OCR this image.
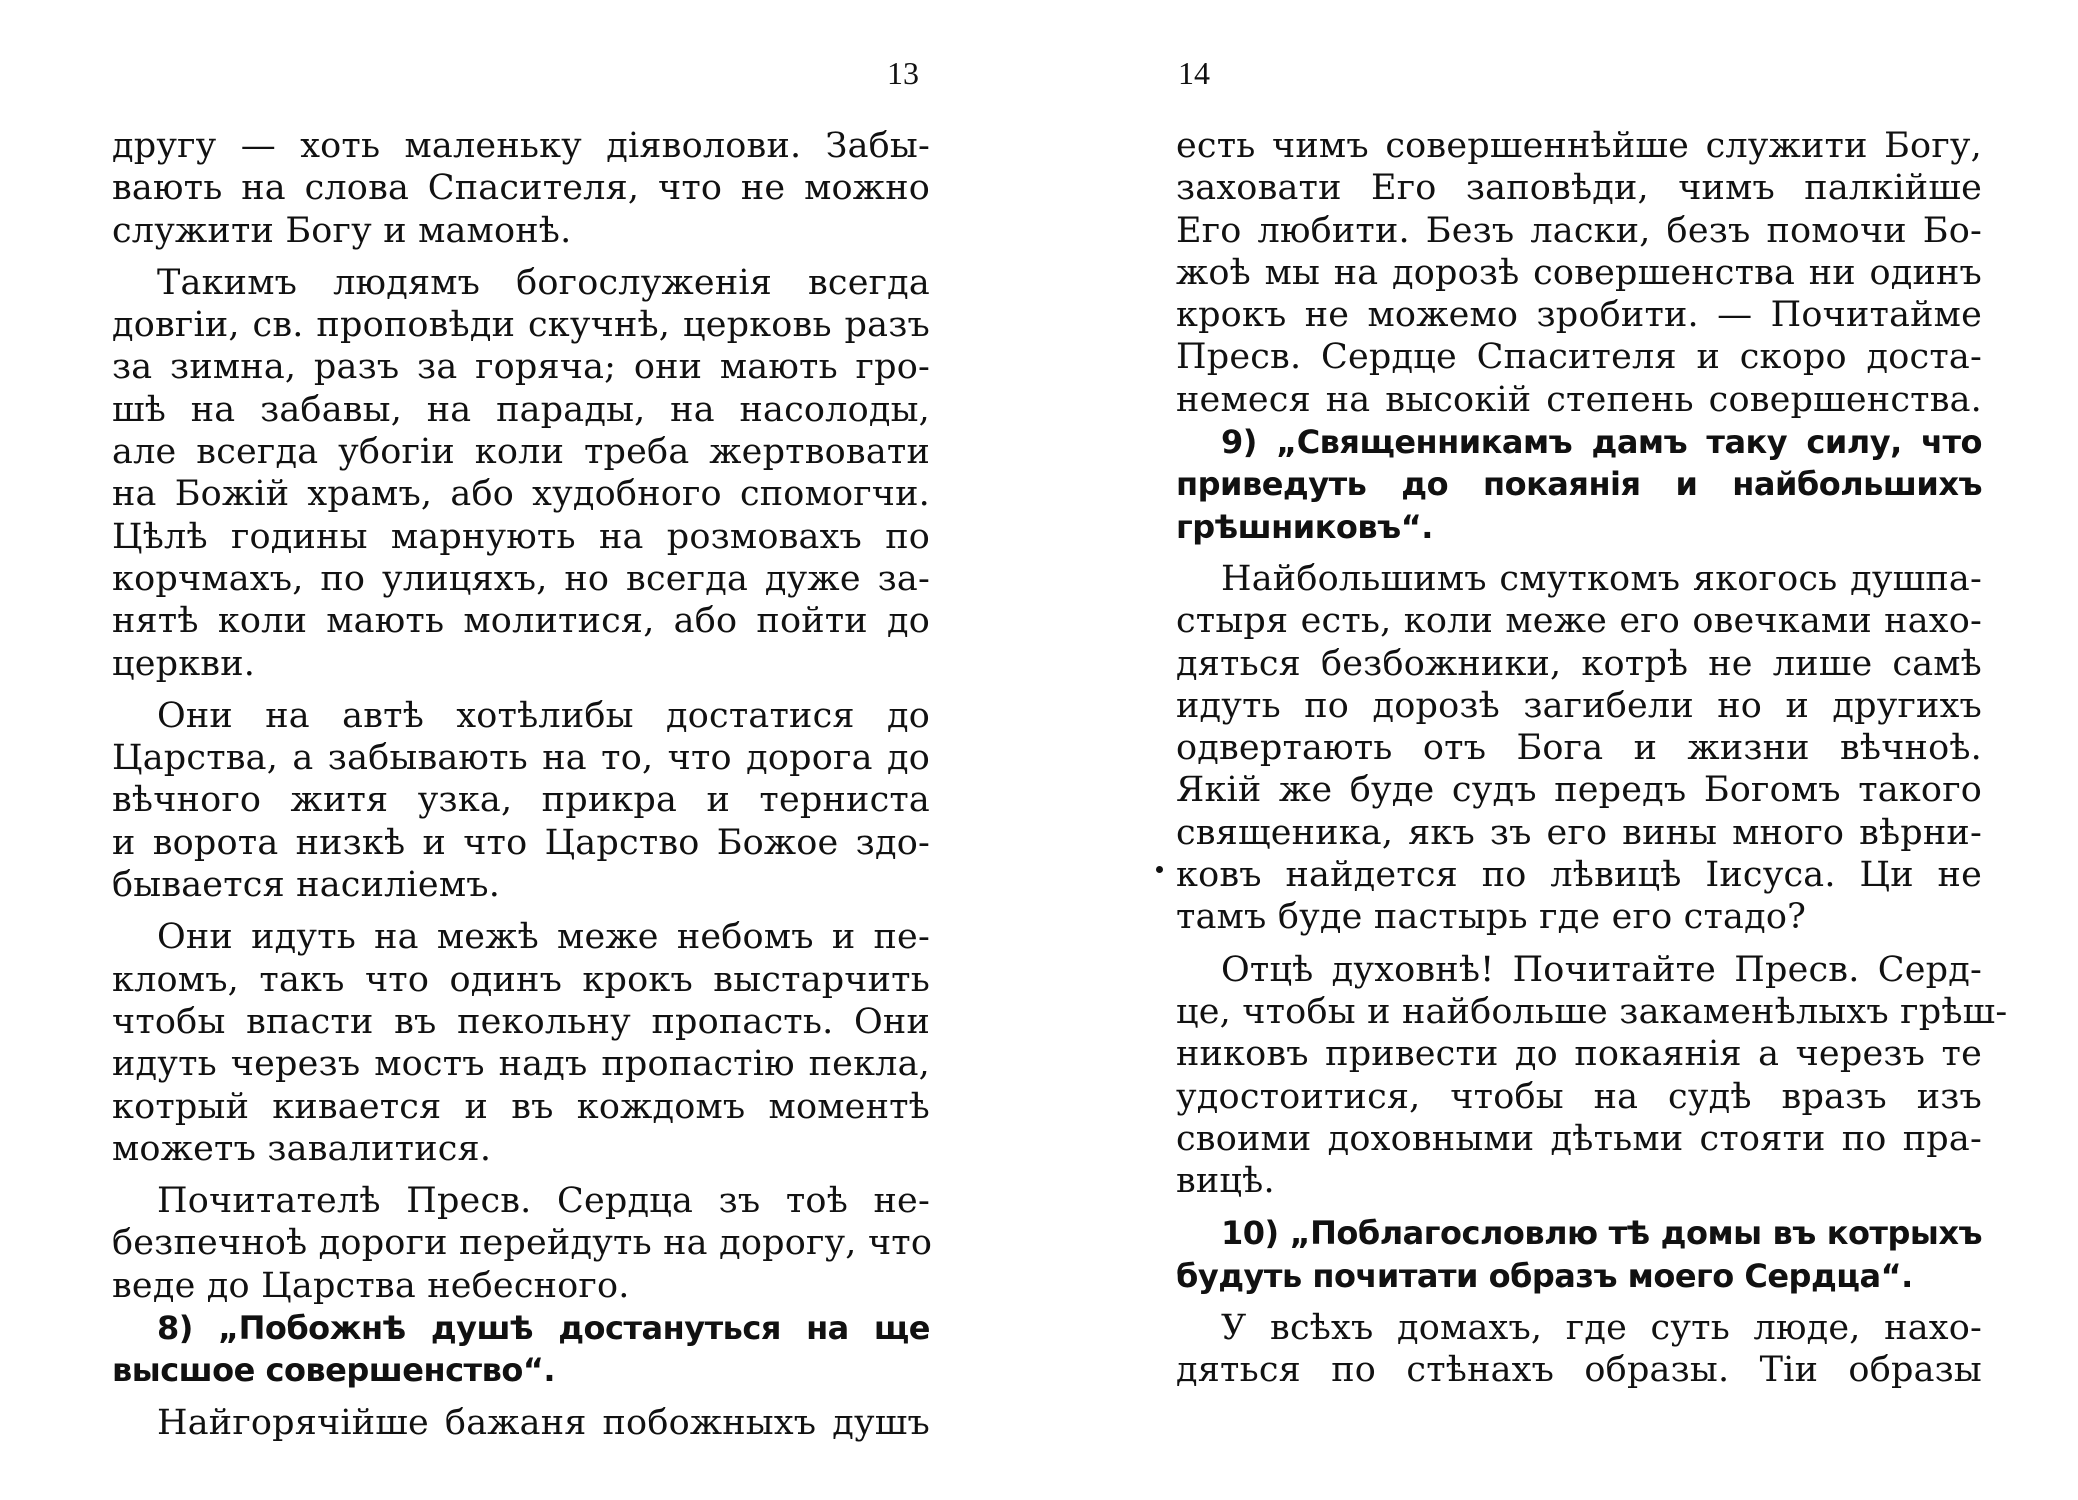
13
другу — хоть маленьку діяволови. Забы-
вають на слова Спасителя, что не можно
служити Богу и мамонѣ.
Такимъ людямъ богослуженія всегда
довгіи, св. проповѣди скучнѣ, церковь разъ
за зимна, разъ за горяча; они мають гро-
шѣ на забавы, на парады, на насолоды,
але всегда убогіи коли треба жертвовати
на Божій храмъ, або худобного спомогчи.
Цѣлѣ годины марнують на розмовахъ по
корчмахъ, по улицяхъ, но всегда дуже за-
нятѣ коли мають молитися, або пойти до
церкви.
Они на автѣ хотѣлибы достатися до
Царства, а забывають на то, что дорога до
вѣчного житя узка, прикра и терниста
и ворота низкѣ и что Царство Божое здо-
бывается насиліемъ.
Они идуть на межѣ меже небомъ и пе-
кломъ, такъ что одинъ крокъ выстарчить
чтобы впасти въ пекольну пропасть. Они
идуть черезъ мостъ надъ пропастію пекла,
котрый кивается и въ кождомъ моментѣ
можетъ завалитися.
Почитателѣ Пресв. Сердца зъ тоѣ не-
безпечноѣ дороги перейдуть на дорогу, что
веде до Царства небесного.
8) „Побожнѣ душѣ достануться на ще
высшое совершенство“.
Найгорячійше бажаня побожныхъ душъ
14
есть чимъ совершеннѣйше служити Богу,
заховати Его заповѣди, чимъ палкійше
Его любити. Безъ ласки, безъ помочи Бо-
жоѣ мы на дорозѣ совершенства ни одинъ
крокъ не можемо зробити. — Почитайме
Пресв. Сердце Спасителя и скоро доста-
немеся на высокій степень совершенства.
9) „Священникамъ дамъ таку силу, что
приведуть до покаянія и найбольшихъ
грѣшниковъ“.
Найбольшимъ смуткомъ якогось душпа-
стыря есть, коли меже его овечками нахо-
дяться безбожники, котрѣ не лише самѣ
идуть по дорозѣ загибели но и другихъ
одвертають отъ Бога и жизни вѣчноѣ.
Якій же буде судъ передъ Богомъ такого
священика, якъ зъ его вины много вѣрни-
ковъ найдется по лѣвицѣ Іисуса. Ци не
тамъ буде пастырь где его стадо?
Отцѣ духовнѣ! Почитайте Пресв. Серд-
це, чтобы и найбольше закаменѣлыхъ грѣш-
никовъ привести до покаянія а черезъ те
удостоитися, чтобы на судѣ вразъ изъ
своими доховными дѣтьми стояти по пра-
вицѣ.
10) „Поблагословлю тѣ домы въ котрыхъ
будуть почитати образъ моего Сердца“.
У всѣхъ домахъ, где суть люде, нахо-
дяться по стѣнахъ образы. Тіи образы
